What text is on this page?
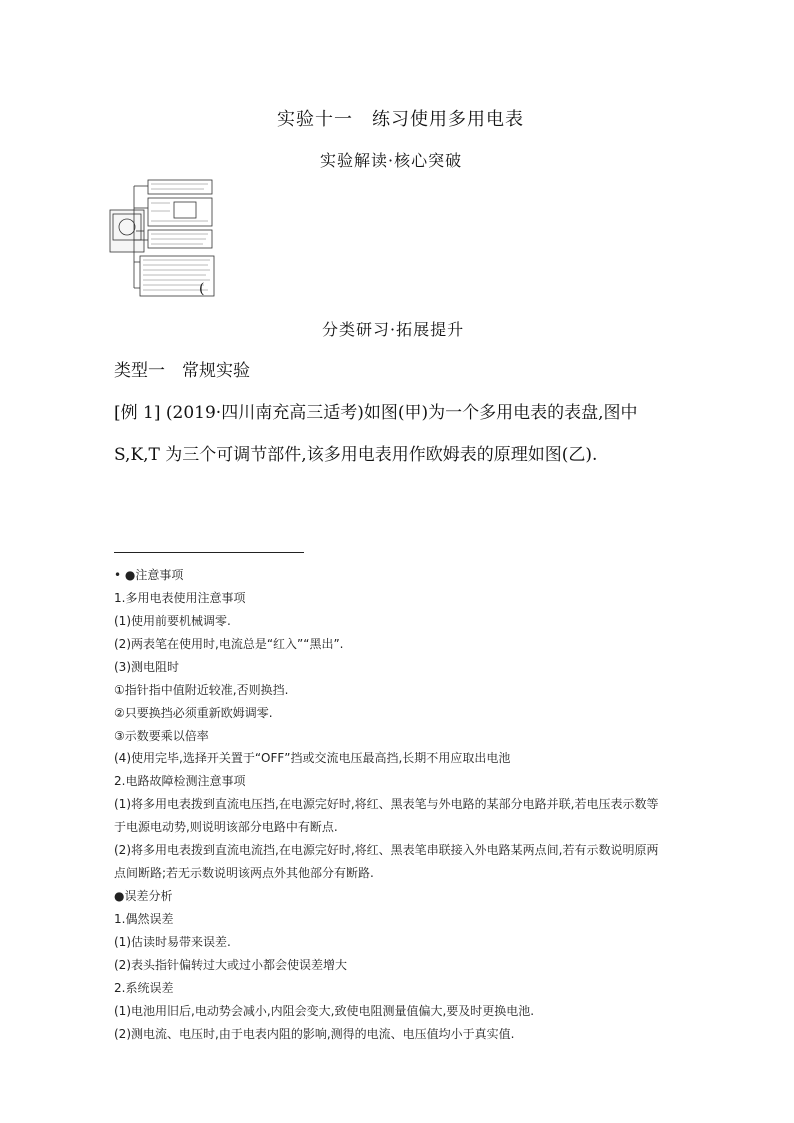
实验十一　练习使用多用电表
实验解读·核心突破
(
分类研习·拓展提升
类型一　常规实验
[例 1] (2019·四川南充高三适考)如图(甲)为一个多用电表的表盘,图中
S,K,T 为三个可调节部件,该多用电表用作欧姆表的原理如图(乙).
• ●注意事项
1.多用电表使用注意事项
(1)使用前要机械调零.
(2)两表笔在使用时,电流总是“红入”“黑出”.
(3)测电阻时
①指针指中值附近较准,否则换挡.
②只要换挡必须重新欧姆调零.
③示数要乘以倍率
(4)使用完毕,选择开关置于“OFF”挡或交流电压最高挡,长期不用应取出电池
2.电路故障检测注意事项
(1)将多用电表拨到直流电压挡,在电源完好时,将红、黑表笔与外电路的某部分电路并联,若电压表示数等
于电源电动势,则说明该部分电路中有断点.
(2)将多用电表拨到直流电流挡,在电源完好时,将红、黑表笔串联接入外电路某两点间,若有示数说明原两
点间断路;若无示数说明该两点外其他部分有断路.
●误差分析
1.偶然误差
(1)估读时易带来误差.
(2)表头指针偏转过大或过小都会使误差增大
2.系统误差
(1)电池用旧后,电动势会减小,内阻会变大,致使电阻测量值偏大,要及时更换电池.
(2)测电流、电压时,由于电表内阻的影响,测得的电流、电压值均小于真实值.
